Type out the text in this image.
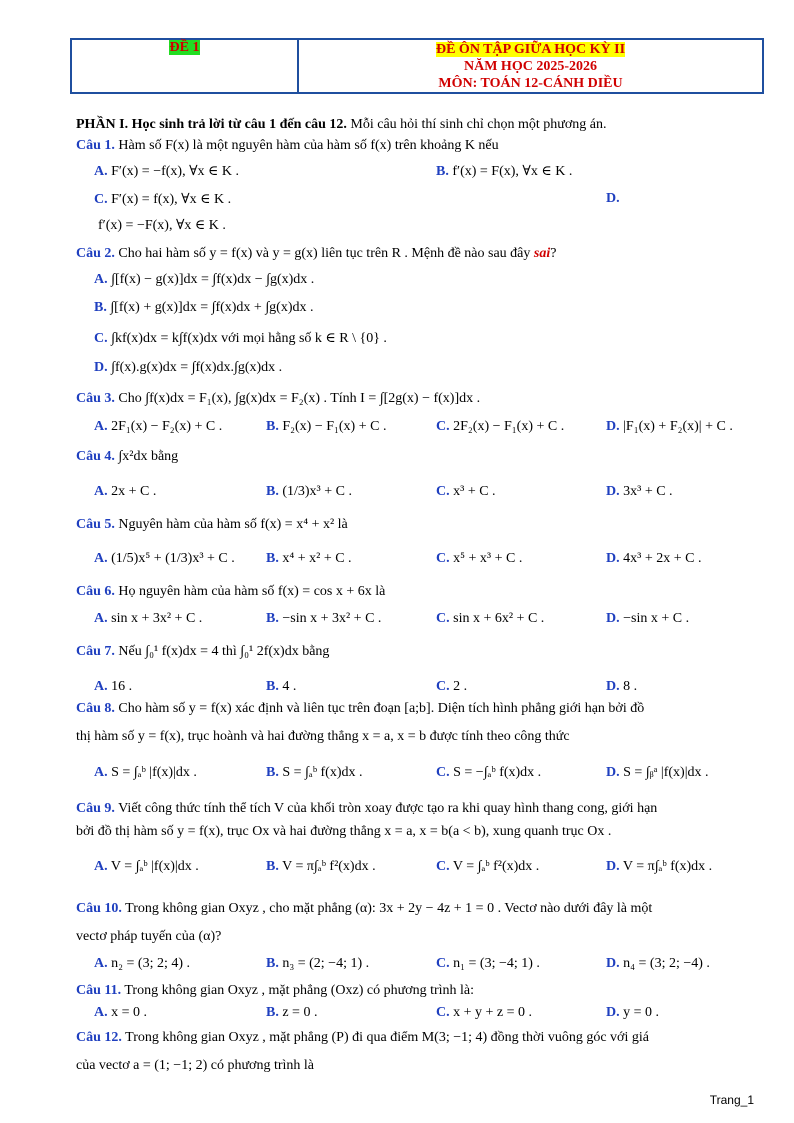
ĐỀ 1	ĐỀ ÔN TẬP GIỮA HỌC KỲ II
NĂM HỌC 2025-2026
MÔN: TOÁN 12-CÁNH DIỀU
PHẦN I. Học sinh trả lời từ câu 1 đến câu 12. Mỗi câu hỏi thí sinh chỉ chọn một phương án.
Câu 1. Hàm số F(x) là một nguyên hàm của hàm số f(x) trên khoảng K nếu
A. F′(x) = −f(x), ∀x ∈ K .	B. f′(x) = F(x), ∀x ∈ K .
C. F′(x) = f(x), ∀x ∈ K .	D.
f′(x) = −F(x), ∀x ∈ K .
Câu 2. Cho hai hàm số y = f(x) và y = g(x) liên tục trên R . Mệnh đề nào sau đây sai?
A. ∫[f(x) − g(x)]dx = ∫f(x)dx − ∫g(x)dx .
B. ∫[f(x) + g(x)]dx = ∫f(x)dx + ∫g(x)dx .
C. ∫kf(x)dx = k∫f(x)dx với mọi hằng số k ∈ R \ {0} .
D. ∫f(x).g(x)dx = ∫f(x)dx.∫g(x)dx .
Câu 3. Cho ∫f(x)dx = F₁(x), ∫g(x)dx = F₂(x) . Tính I = ∫[2g(x) − f(x)]dx .
A. 2F₁(x) − F₂(x) + C .	B. F₂(x) − F₁(x) + C .	C. 2F₂(x) − F₁(x) + C .	D. |F₁(x) + F₂(x)| + C .
Câu 4. ∫x²dx bằng
A. 2x + C .	B. (1/3)x³ + C .	C. x³ + C .	D. 3x³ + C .
Câu 5. Nguyên hàm của hàm số f(x) = x⁴ + x² là
A. (1/5)x⁵ + (1/3)x³ + C . B. x⁴ + x² + C .	C. x⁵ + x³ + C .	D. 4x³ + 2x + C .
Câu 6. Họ nguyên hàm của hàm số f(x) = cos x + 6x là
A. sin x + 3x² + C .	B. −sin x + 3x² + C .	C. sin x + 6x² + C .	D. −sin x + C .
Câu 7. Nếu ∫₀¹ f(x)dx = 4 thì ∫₀¹ 2f(x)dx bằng
A. 16 .	B. 4 .	C. 2 .	D. 8 .
Câu 8. Cho hàm số y = f(x) xác định và liên tục trên đoạn [a;b]. Diện tích hình phẳng giới hạn bởi đồ
thị hàm số y = f(x), trục hoành và hai đường thẳng x = a, x = b được tính theo công thức
A. S = ∫ₐᵇ |f(x)|dx .	B. S = ∫ₐᵇ f(x)dx .	C. S = −∫ₐᵇ f(x)dx .	D. S = ∫ᵦᵃ |f(x)|dx .
Câu 9. Viết công thức tính thể tích V của khối tròn xoay được tạo ra khi quay hình thang cong, giới hạn
bởi đồ thị hàm số y = f(x), trục Ox và hai đường thẳng x = a, x = b(a < b), xung quanh trục Ox .
A. V = ∫ₐᵇ |f(x)|dx .	B. V = π∫ₐᵇ f²(x)dx .	C. V = ∫ₐᵇ f²(x)dx .	D. V = π∫ₐᵇ f(x)dx .
Câu 10. Trong không gian Oxyz , cho mặt phẳng (α): 3x + 2y − 4z + 1 = 0 . Vectơ nào dưới đây là một
vectơ pháp tuyến của (α)?
A. n₂ = (3; 2; 4) .	B. n₃ = (2; −4; 1) .	C. n₁ = (3; −4; 1) .	D. n₄ = (3; 2; −4) .
Câu 11. Trong không gian Oxyz , mặt phẳng (Oxz) có phương trình là:
A. x = 0 .	B. z = 0 .	C. x + y + z = 0 .	D. y = 0 .
Câu 12. Trong không gian Oxyz , mặt phẳng (P) đi qua điểm M(3; −1; 4) đồng thời vuông góc với giá
của vectơ a = (1; −1; 2) có phương trình là
Trang_1
